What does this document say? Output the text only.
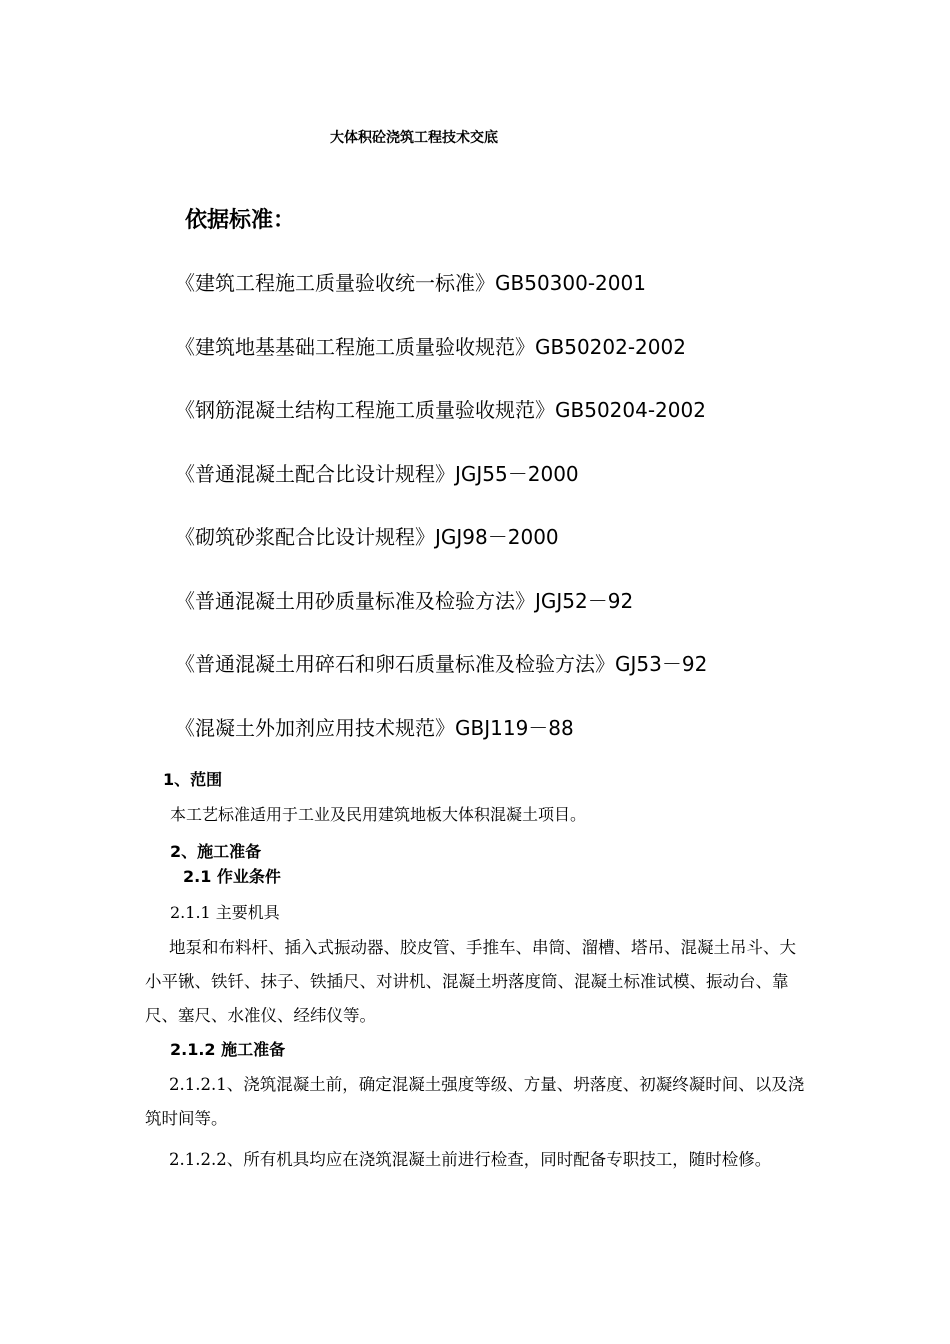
大体积砼浇筑工程技术交底
依据标准：
《建筑工程施工质量验收统一标准》GB50300-2001
《建筑地基基础工程施工质量验收规范》GB50202-2002
《钢筋混凝土结构工程施工质量验收规范》GB50204-2002
《普通混凝土配合比设计规程》JGJ55－2000
《砌筑砂浆配合比设计规程》JGJ98－2000
《普通混凝土用砂质量标准及检验方法》JGJ52－92
《普通混凝土用碎石和卵石质量标准及检验方法》GJ53－92
《混凝土外加剂应用技术规范》GBJ119－88
1、范围
本工艺标准适用于工业及民用建筑地板大体积混凝土项目。
2、施工准备
2.1 作业条件
2.1.1 主要机具

地泵和布料杆、插入式振动器、胶皮管、手推车、串筒、溜槽、塔吊、混凝土吊斗、大小平锹、铁钎、抹子、铁插尺、对讲机、混凝土坍落度筒、混凝土标准试模、振动台、靠尺、塞尺、水准仪、经纬仪等。

2.1.2 施工准备

2.1.2.1、浇筑混凝土前，确定混凝土强度等级、方量、坍落度、初凝终凝时间、以及浇筑时间等。

2.1.2.2、所有机具均应在浇筑混凝土前进行检查，同时配备专职技工，随时检修。
